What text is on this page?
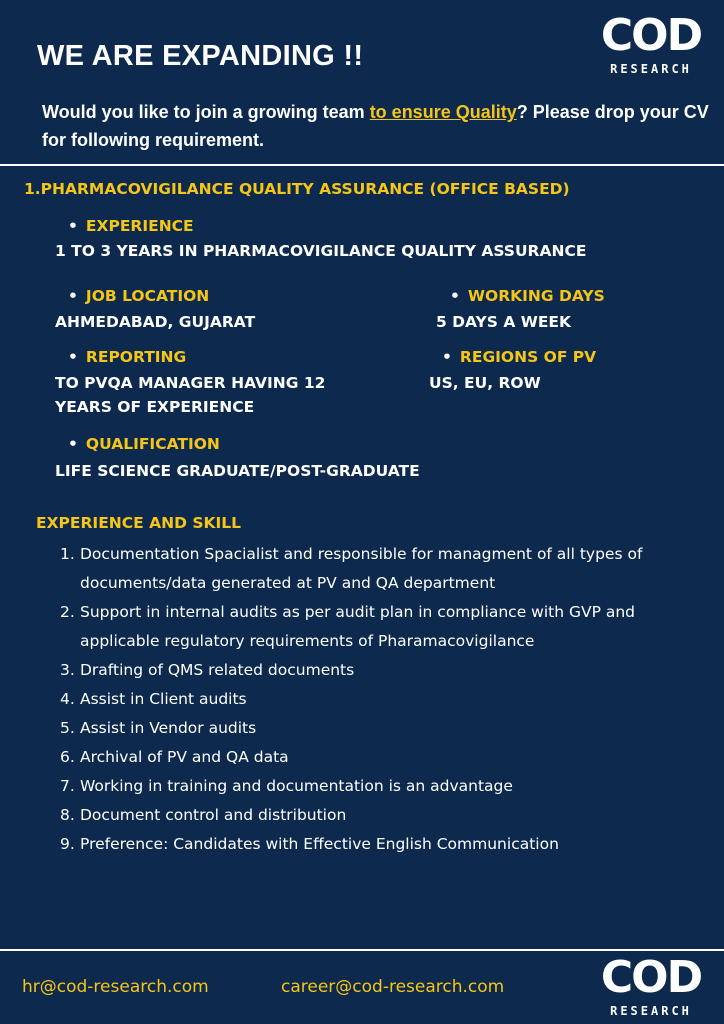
WE ARE EXPANDING !!	COD
RESEARCH
Would you like to join a growing team to ensure Quality? Please drop your CV for following requirement.
1.PHARMACOVIGILANCE QUALITY ASSURANCE (OFFICE BASED)
• EXPERIENCE
1 TO 3 YEARS IN PHARMACOVIGILANCE QUALITY ASSURANCE
• JOB LOCATION
AHMEDABAD, GUJARAT
• WORKING DAYS
5 DAYS A WEEK
• REPORTING
TO PVQA MANAGER HAVING 12
YEARS OF EXPERIENCE
• REGIONS OF PV
US, EU, ROW
• QUALIFICATION
LIFE SCIENCE GRADUATE/POST-GRADUATE
EXPERIENCE AND SKILL
1. Documentation Spacialist and responsible for managment of all types of
documents/data generated at PV and QA department
2. Support in internal audits as per audit plan in compliance with GVP and
applicable regulatory requirements of Pharamacovigilance
3. Drafting of QMS related documents
4. Assist in Client audits
5. Assist in Vendor audits
6. Archival of PV and QA data
7. Working in training and documentation is an advantage
8. Document control and distribution
9. Preference: Candidates with Effective English Communication
hr@cod-research.com	career@cod-research.com COD
RESEARCH
